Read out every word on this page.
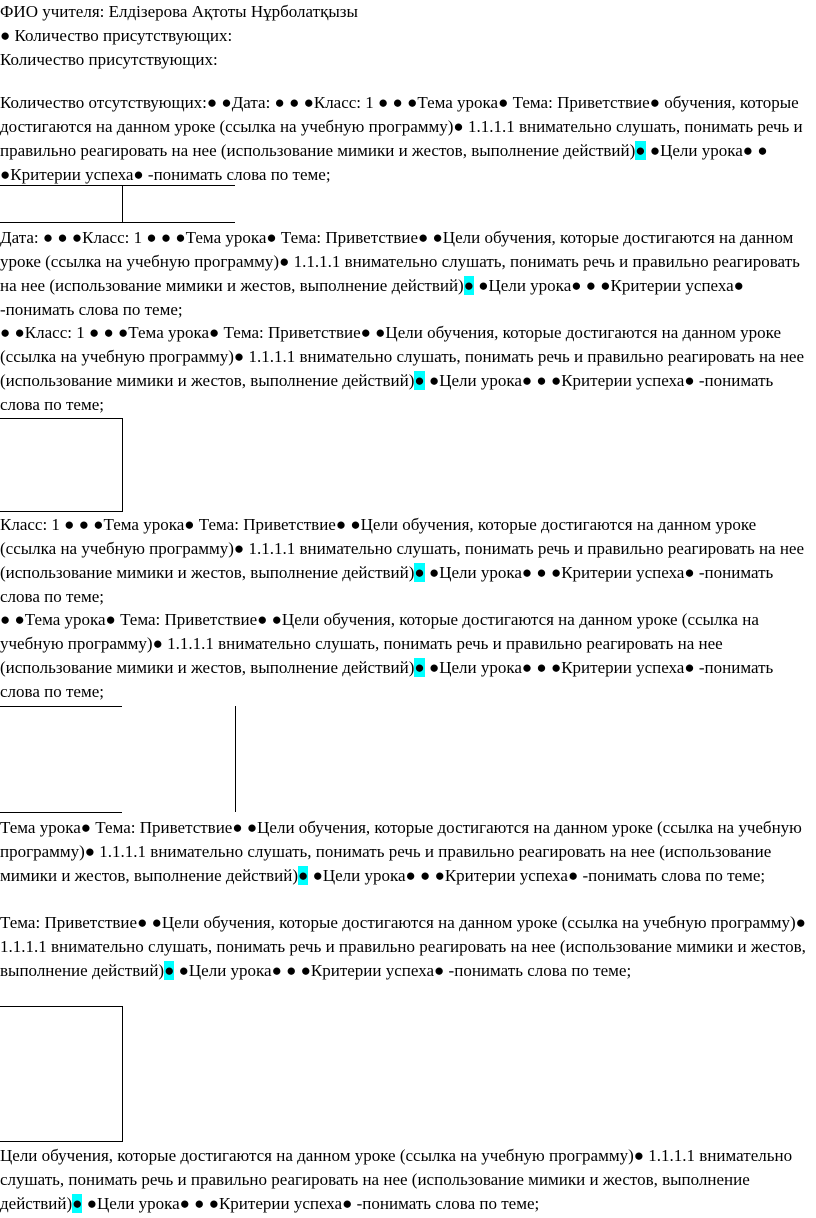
ФИО учителя: Елдізерова Ақтоты Нұрболатқызы
● Количество присутствующих:
Количество присутствующих:

Количество отсутствующих:● ●Дата: ● ● ●Класс: 1 ● ● ●Тема урока● Тема: Приветствие● обучения, которые достигаются на данном уроке (ссылка на учебную программу)● 1.1.1.1 внимательно слушать, понимать речь и правильно реагировать на нее (использование мимики и жестов, выполнение действий)● ●Цели урока● ● ●Критерии успеха● -понимать слова по теме;

Дата: ● ● ●Класс: 1 ● ● ●Тема урока● Тема: Приветствие● ●Цели обучения, которые достигаются на данном уроке (ссылка на учебную программу)● 1.1.1.1 внимательно слушать, понимать речь и правильно реагировать на нее (использование мимики и жестов, выполнение действий)● ●Цели урока● ● ●Критерии успеха● -понимать слова по теме;

● ●Класс: 1 ● ● ●Тема урока● Тема: Приветствие● ●Цели обучения, которые достигаются на данном уроке (ссылка на учебную программу)● 1.1.1.1 внимательно слушать, понимать речь и правильно реагировать на нее (использование мимики и жестов, выполнение действий)● ●Цели урока● ● ●Критерии успеха● -понимать слова по теме;

Класс: 1 ● ● ●Тема урока● Тема: Приветствие● ●Цели обучения, которые достигаются на данном уроке (ссылка на учебную программу)● 1.1.1.1 внимательно слушать, понимать речь и правильно реагировать на нее (использование мимики и жестов, выполнение действий)● ●Цели урока● ● ●Критерии успеха● -понимать слова по теме;

● ●Тема урока● Тема: Приветствие● ●Цели обучения, которые достигаются на данном уроке (ссылка на учебную программу)● 1.1.1.1 внимательно слушать, понимать речь и правильно реагировать на нее (использование мимики и жестов, выполнение действий)● ●Цели урока● ● ●Критерии успеха● -понимать слова по теме;

Тема урока● Тема: Приветствие● ●Цели обучения, которые достигаются на данном уроке (ссылка на учебную программу)● 1.1.1.1 внимательно слушать, понимать речь и правильно реагировать на нее (использование мимики и жестов, выполнение действий)● ●Цели урока● ● ●Критерии успеха● -понимать слова по теме;

Тема: Приветствие● ●Цели обучения, которые достигаются на данном уроке (ссылка на учебную программу)● 1.1.1.1 внимательно слушать, понимать речь и правильно реагировать на нее (использование мимики и жестов, выполнение действий)● ●Цели урока● ● ●Критерии успеха● -понимать слова по теме;

Цели обучения, которые достигаются на данном уроке (ссылка на учебную программу)● 1.1.1.1 внимательно слушать, понимать речь и правильно реагировать на нее (использование мимики и жестов, выполнение действий)● ●Цели урока● ● ●Критерии успеха● -понимать слова по теме;
